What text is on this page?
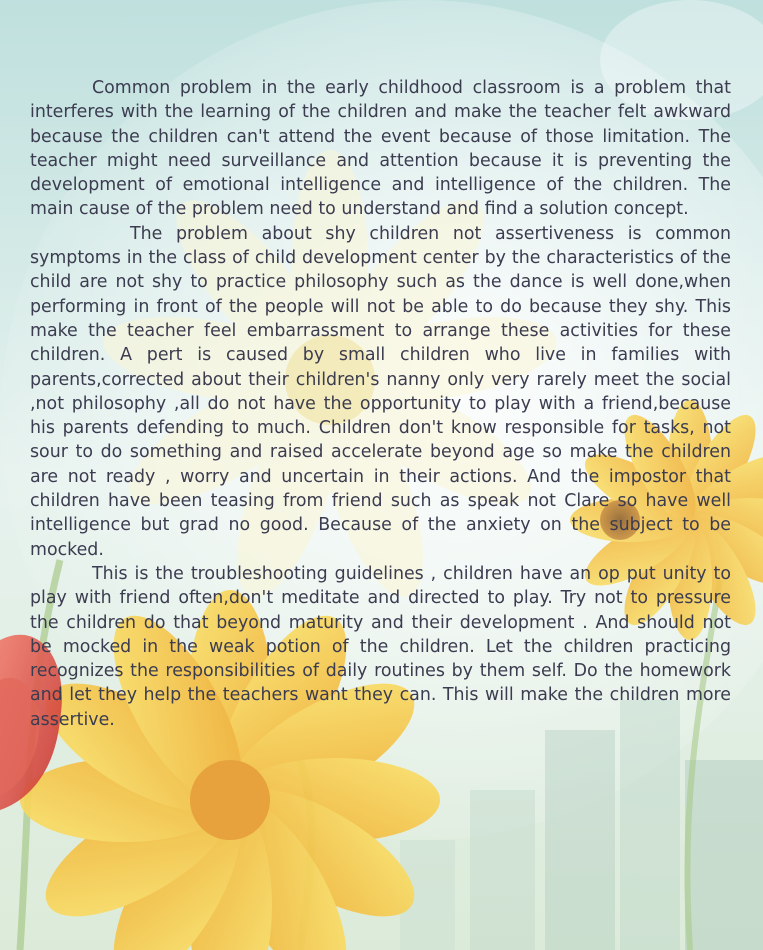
Common problem in the early childhood classroom is a problem that interferes with the learning of the children and make the teacher felt awkward because the children can't attend the event because of those limitation. The teacher might need surveillance and attention because it is preventing the development of emotional intelligence and intelligence of the children. The main cause of the problem need to understand and find a solution concept.

The problem about shy children not assertiveness is common symptoms in the class of child development center by the characteristics of the child are not shy to practice philosophy such as the dance is well done,when performing in front of the people will not be able to do because they shy. This make the teacher feel embarrassment to arrange these activities for these children. A pert is caused by small children who live in families with parents,corrected about their children's nanny only very rarely meet the social ,not philosophy ,all do not have the opportunity to play with a friend,because his parents defending to much. Children don't know responsible for tasks, not sour to do something and raised accelerate beyond age so make the children are not ready , worry and uncertain in their actions. And the impostor that children have been teasing from friend such as speak not Clare so have well intelligence but grad no good. Because of the anxiety on the subject to be mocked.

This is the troubleshooting guidelines , children have an op put unity to play with friend often,don't meditate and directed to play. Try not to pressure the children do that beyond maturity and their development . And should not be mocked in the weak potion of the children. Let the children practicing recognizes the responsibilities of daily routines by them self. Do the homework and let they help the teachers want they can. This will make the children more assertive.
